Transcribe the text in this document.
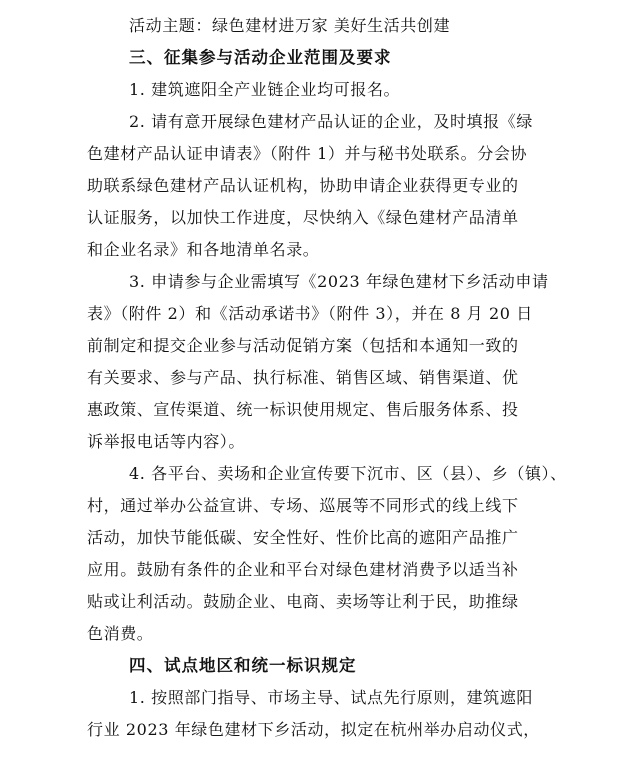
活动主题：绿色建材进万家 美好生活共创建
三、征集参与活动企业范围及要求
1. 建筑遮阳全产业链企业均可报名。
2. 请有意开展绿色建材产品认证的企业，及时填报《绿
色建材产品认证申请表》（附件 1）并与秘书处联系。分会协
助联系绿色建材产品认证机构，协助申请企业获得更专业的
认证服务，以加快工作进度，尽快纳入《绿色建材产品清单
和企业名录》和各地清单名录。
3. 申请参与企业需填写《2023 年绿色建材下乡活动申请
表》（附件 2）和《活动承诺书》（附件 3），并在 8 月 20 日
前制定和提交企业参与活动促销方案（包括和本通知一致的
有关要求、参与产品、执行标准、销售区域、销售渠道、优
惠政策、宣传渠道、统一标识使用规定、售后服务体系、投
诉举报电话等内容）。
4. 各平台、卖场和企业宣传要下沉市、区（县）、乡（镇）、
村，通过举办公益宣讲、专场、巡展等不同形式的线上线下
活动，加快节能低碳、安全性好、性价比高的遮阳产品推广
应用。鼓励有条件的企业和平台对绿色建材消费予以适当补
贴或让利活动。鼓励企业、电商、卖场等让利于民，助推绿
色消费。
四、试点地区和统一标识规定
1. 按照部门指导、市场主导、试点先行原则，建筑遮阳
行业 2023 年绿色建材下乡活动，拟定在杭州举办启动仪式，
